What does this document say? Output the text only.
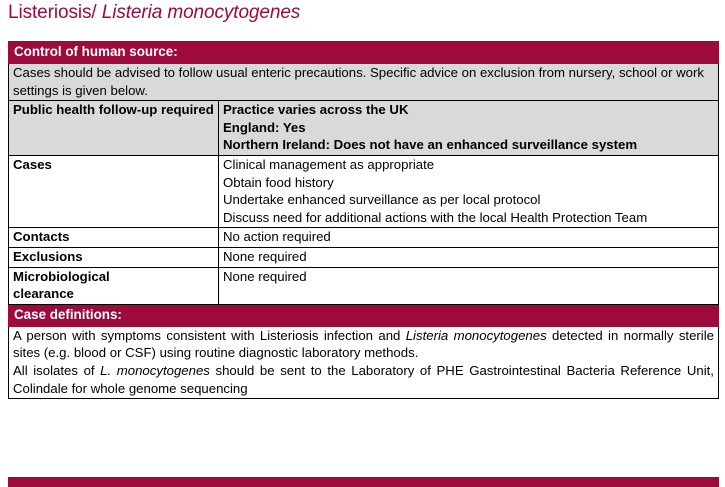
Listeriosis/ Listeria monocytogenes
Control of human source:	
Cases should be advised to follow usual enteric precautions. Specific advice on exclusion from nursery, school or work settings is given below.	
Public health follow-up required	Practice varies across the UK
England: Yes
Northern Ireland: Does not have an enhanced surveillance system

Cases	Clinical management as appropriate
Obtain food history
Undertake enhanced surveillance as per local protocol
Discuss need for additional actions with the local Health Protection Team

Contacts	No action required
Exclusions	None required

Microbiological clearance	None required

Case definitions:	

A person with symptoms consistent with Listeriosis infection and Listeria monocytogenes detected in normally sterile sites (e.g. blood or CSF) using routine diagnostic laboratory methods.

All isolates of L. monocytogenes should be sent to the Laboratory of PHE Gastrointestinal Bacteria Reference Unit, Colindale for whole genome sequencing	
